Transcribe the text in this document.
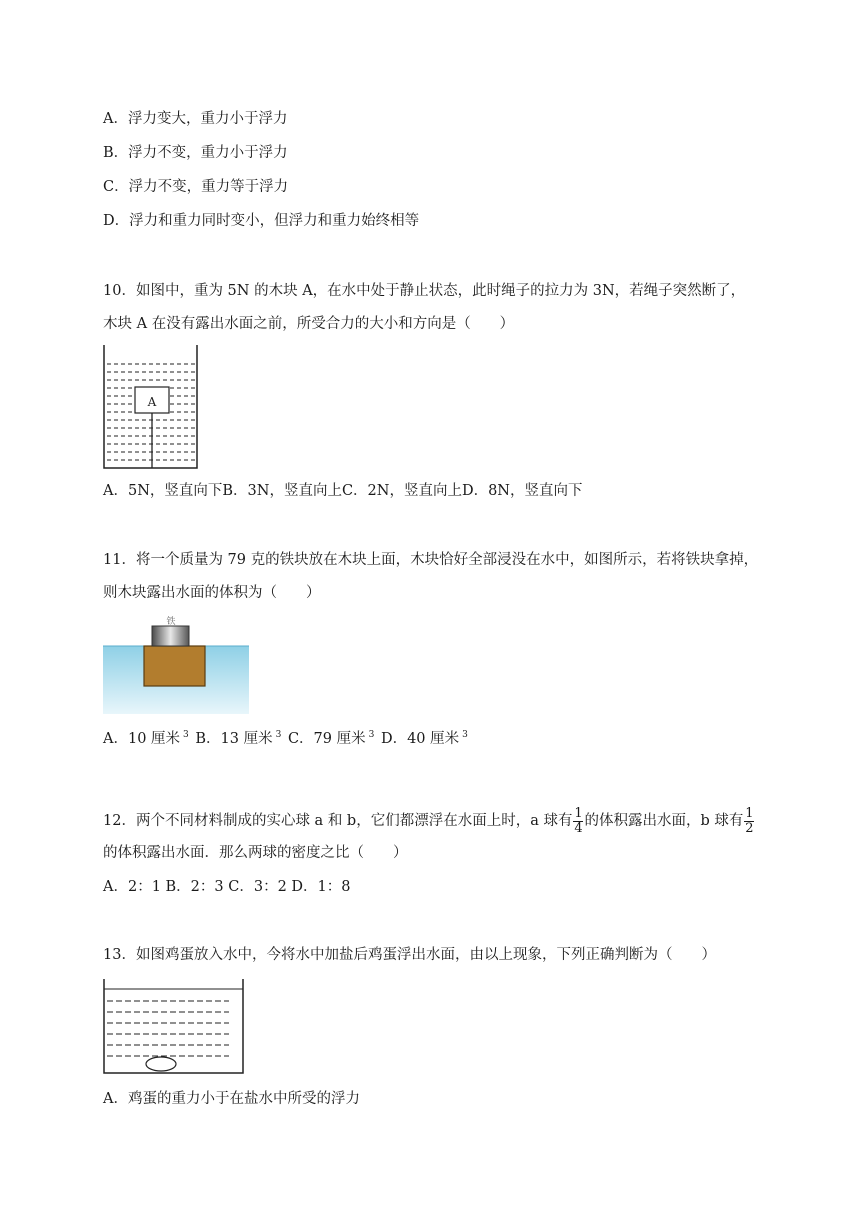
A．浮力变大，重力小于浮力
B．浮力不变，重力小于浮力
C．浮力不变，重力等于浮力
D．浮力和重力同时变小，但浮力和重力始终相等
10．如图中，重为 5N 的木块 A，在水中处于静止状态，此时绳子的拉力为 3N，若绳子突然断了，
木块 A 在没有露出水面之前，所受合力的大小和方向是（　　）
A
A．5N，竖直向下B．3N，竖直向上C．2N，竖直向上D．8N，竖直向下
11．将一个质量为 79 克的铁块放在木块上面，木块恰好全部浸没在水中，如图所示，若将铁块拿掉，
则木块露出水面的体积为（　　）
铁
A．10 厘米 $^3$ B．13 厘米 $^3$ C．79 厘米 $^3$ D．40 厘米 $^3$
12．两个不同材料制成的实心球 a 和 b，它们都漂浮在水面上时，a 球有 $\frac{1}{4}$ 的体积露出水面，b 球有 $\frac{1}{2}$
的体积露出水面．那么两球的密度之比（　　）
A．2：1 B．2：3 C．3：2 D．1：8
13．如图鸡蛋放入水中，今将水中加盐后鸡蛋浮出水面，由以上现象，下列正确判断为（　　）
A．鸡蛋的重力小于在盐水中所受的浮力
